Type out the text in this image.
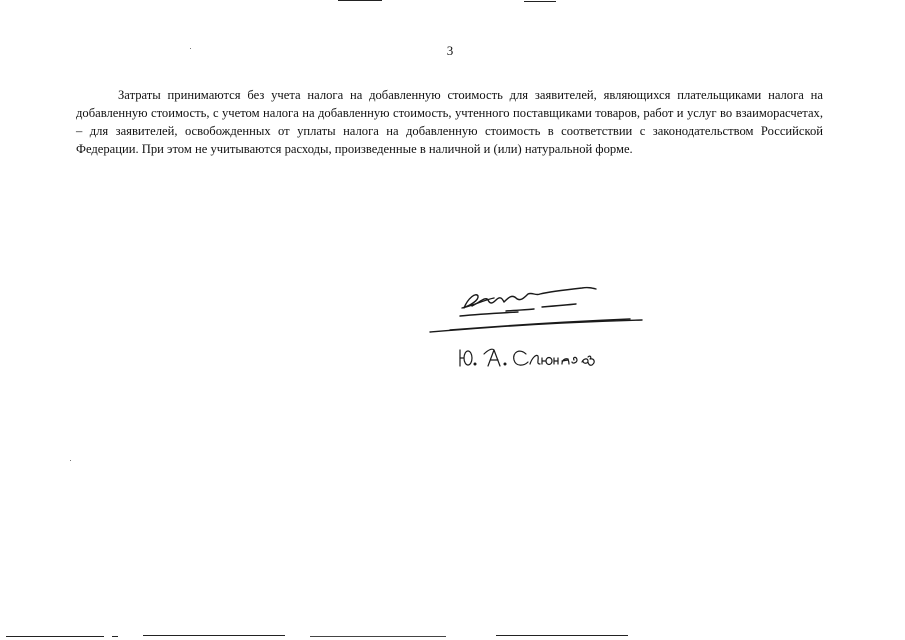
3

Затраты принимаются без учета налога на добавленную стоимость для заявителей, являющихся плательщиками налога на добавленную стоимость, с учетом налога на добавленную стоимость, учтенного поставщиками товаров, работ и услуг во взаиморасчетах, – для заявителей, освобожденных от уплаты налога на добавленную стоимость в соответствии с законодательством Российской Федерации. При этом не учитываются расходы, произведенные в наличной и (или) натуральной форме.
